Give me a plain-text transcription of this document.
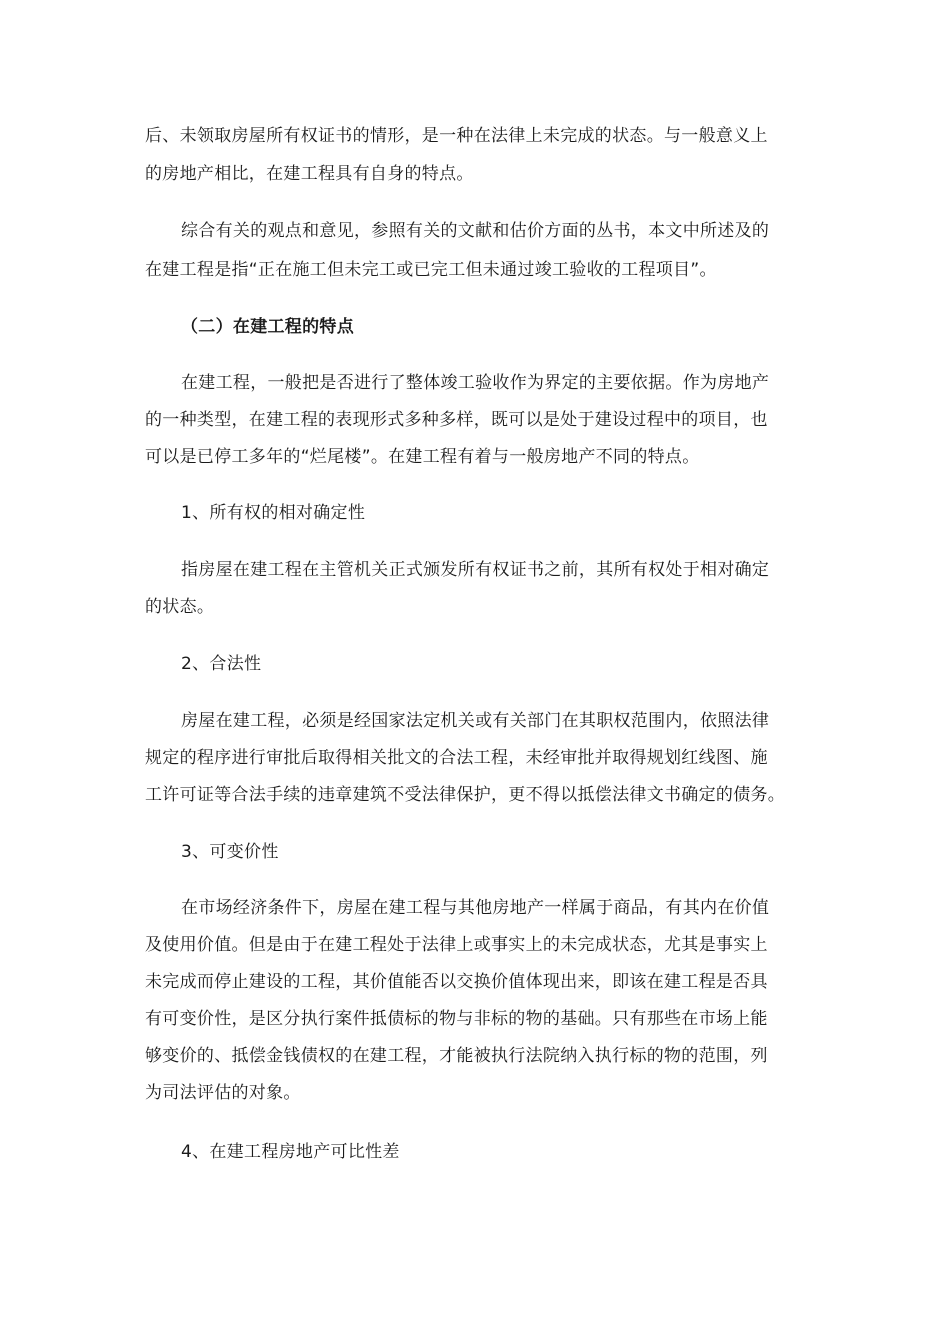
后、未领取房屋所有权证书的情形，是一种在法律上未完成的状态。与一般意义上
的房地产相比，在建工程具有自身的特点。
综合有关的观点和意见，参照有关的文献和估价方面的丛书，本文中所述及的
在建工程是指“正在施工但未完工或已完工但未通过竣工验收的工程项目”。
（二）在建工程的特点
在建工程，一般把是否进行了整体竣工验收作为界定的主要依据。作为房地产
的一种类型，在建工程的表现形式多种多样，既可以是处于建设过程中的项目，也
可以是已停工多年的“烂尾楼”。在建工程有着与一般房地产不同的特点。
1、所有权的相对确定性
指房屋在建工程在主管机关正式颁发所有权证书之前，其所有权处于相对确定
的状态。
2、合法性
房屋在建工程，必须是经国家法定机关或有关部门在其职权范围内，依照法律
规定的程序进行审批后取得相关批文的合法工程，未经审批并取得规划红线图、施
工许可证等合法手续的违章建筑不受法律保护，更不得以抵偿法律文书确定的债务。
3、可变价性
在市场经济条件下，房屋在建工程与其他房地产一样属于商品，有其内在价值
及使用价值。但是由于在建工程处于法律上或事实上的未完成状态，尤其是事实上
未完成而停止建设的工程，其价值能否以交换价值体现出来，即该在建工程是否具
有可变价性，是区分执行案件抵债标的物与非标的物的基础。只有那些在市场上能
够变价的、抵偿金钱债权的在建工程，才能被执行法院纳入执行标的物的范围，列
为司法评估的对象。
4、在建工程房地产可比性差
